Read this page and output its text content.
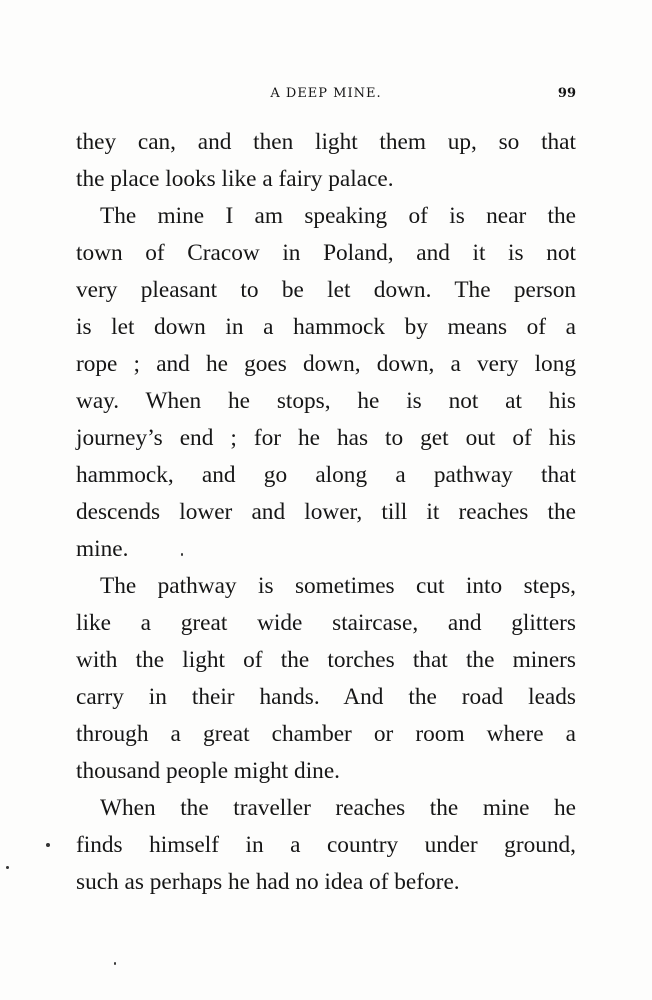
A DEEP MINE.	99
they can, and then light them up, so that
the place looks like a fairy palace.
The mine I am speaking of is near the
town of Cracow in Poland, and it is not
very pleasant to be let down. The person
is let down in a hammock by means of a
rope ; and he goes down, down, a very long
way. When he stops, he is not at his
journey’s end ; for he has to get out of his
hammock, and go along a pathway that
descends lower and lower, till it reaches the
mine.
The pathway is sometimes cut into steps,
like a great wide staircase, and glitters
with the light of the torches that the miners
carry in their hands. And the road leads
through a great chamber or room where a
thousand people might dine.
When the traveller reaches the mine he
finds himself in a country under ground,
such as perhaps he had no idea of before.
